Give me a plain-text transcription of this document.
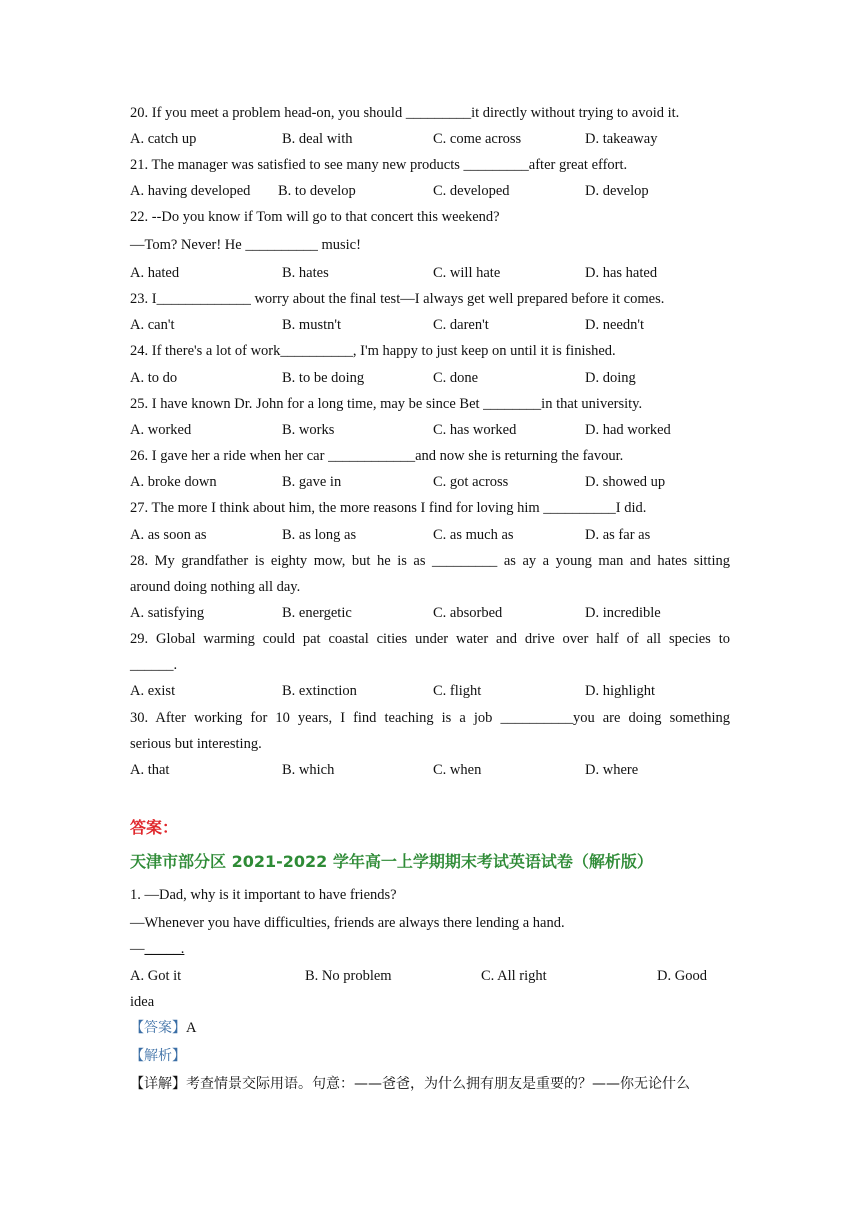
20. If you meet a problem head-on, you should _________it directly without trying to avoid it.
A. catch up	B. deal with	C. come across	D. takeaway
21. The manager was satisfied to see many new products _________after great effort.
A. having developed B. to develop	C. developed	D. develop
22. --Do you know if Tom will go to that concert this weekend?
—Tom? Never! He __________ music!
A. hated	B. hates	C. will hate	D. has hated
23. I_____________ worry about the final test—I always get well prepared before it comes.
A. can't	B. mustn't	C. daren't	D. needn't
24. If there's a lot of work__________, I'm happy to just keep on until it is finished.
A. to do	B. to be doing	C. done	D. doing
25. I have known Dr. John for a long time, may be since Bet ________in that university.
A. worked	B. works	C. has worked	D. had worked
26. I gave her a ride when her car ____________and now she is returning the favour.
A. broke down	B. gave in	C. got across	D. showed up
27. The more I think about him, the more reasons I find for loving him __________I did.
A. as soon as	B. as long as	C. as much as	D. as far as
28. My grandfather is eighty mow, but he is as _________ as ay a young man and hates sitting
around doing nothing all day.
A. satisfying	B. energetic	C. absorbed	D. incredible
29. Global warming could pat coastal cities under water and drive over half of all species to
______.
A. exist	B. extinction	C. flight	D. highlight
30. After working for 10 years, I find teaching is a job __________you are doing something
serious but interesting.
A. that	B. which	C. when	D. where
答案：
天津市部分区 2021-2022 学年高一上学期期末考试英语试卷（解析版）
1. —Dad, why is it important to have friends?
—Whenever you have difficulties, friends are always there lending a hand.
—_____.
A. Got it	B. No problem	C. All right	D. Good
idea
【答案】A
【解析】
【详解】考查情景交际用语。句意：——爸爸，为什么拥有朋友是重要的？——你无论什么
